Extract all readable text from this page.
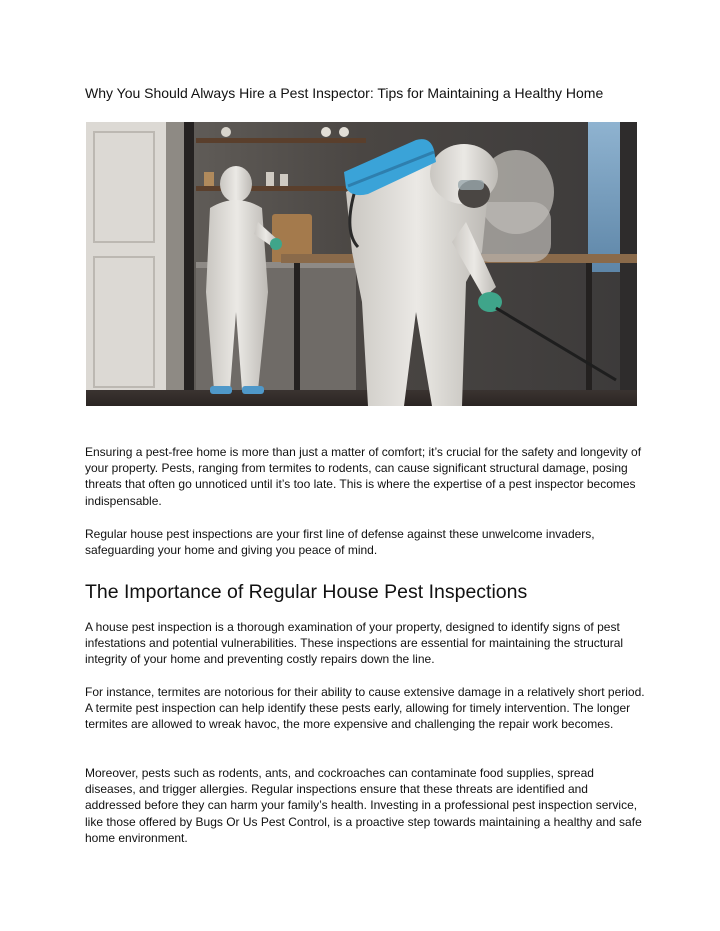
Why You Should Always Hire a Pest Inspector: Tips for Maintaining a Healthy Home

Ensuring a pest-free home is more than just a matter of comfort; it’s crucial for the safety and longevity of your property. Pests, ranging from termites to rodents, can cause significant structural damage, posing threats that often go unnoticed until it’s too late. This is where the expertise of a pest inspector becomes indispensable.

Regular house pest inspections are your first line of defense against these unwelcome invaders, safeguarding your home and giving you peace of mind.

The Importance of Regular House Pest Inspections

A house pest inspection is a thorough examination of your property, designed to identify signs of pest infestations and potential vulnerabilities. These inspections are essential for maintaining the structural integrity of your home and preventing costly repairs down the line.

For instance, termites are notorious for their ability to cause extensive damage in a relatively short period. A termite pest inspection can help identify these pests early, allowing for timely intervention. The longer termites are allowed to wreak havoc, the more expensive and challenging the repair work becomes.

Moreover, pests such as rodents, ants, and cockroaches can contaminate food supplies, spread diseases, and trigger allergies. Regular inspections ensure that these threats are identified and addressed before they can harm your family’s health. Investing in a professional pest inspection service, like those offered by Bugs Or Us Pest Control, is a proactive step towards maintaining a healthy and safe home environment.
